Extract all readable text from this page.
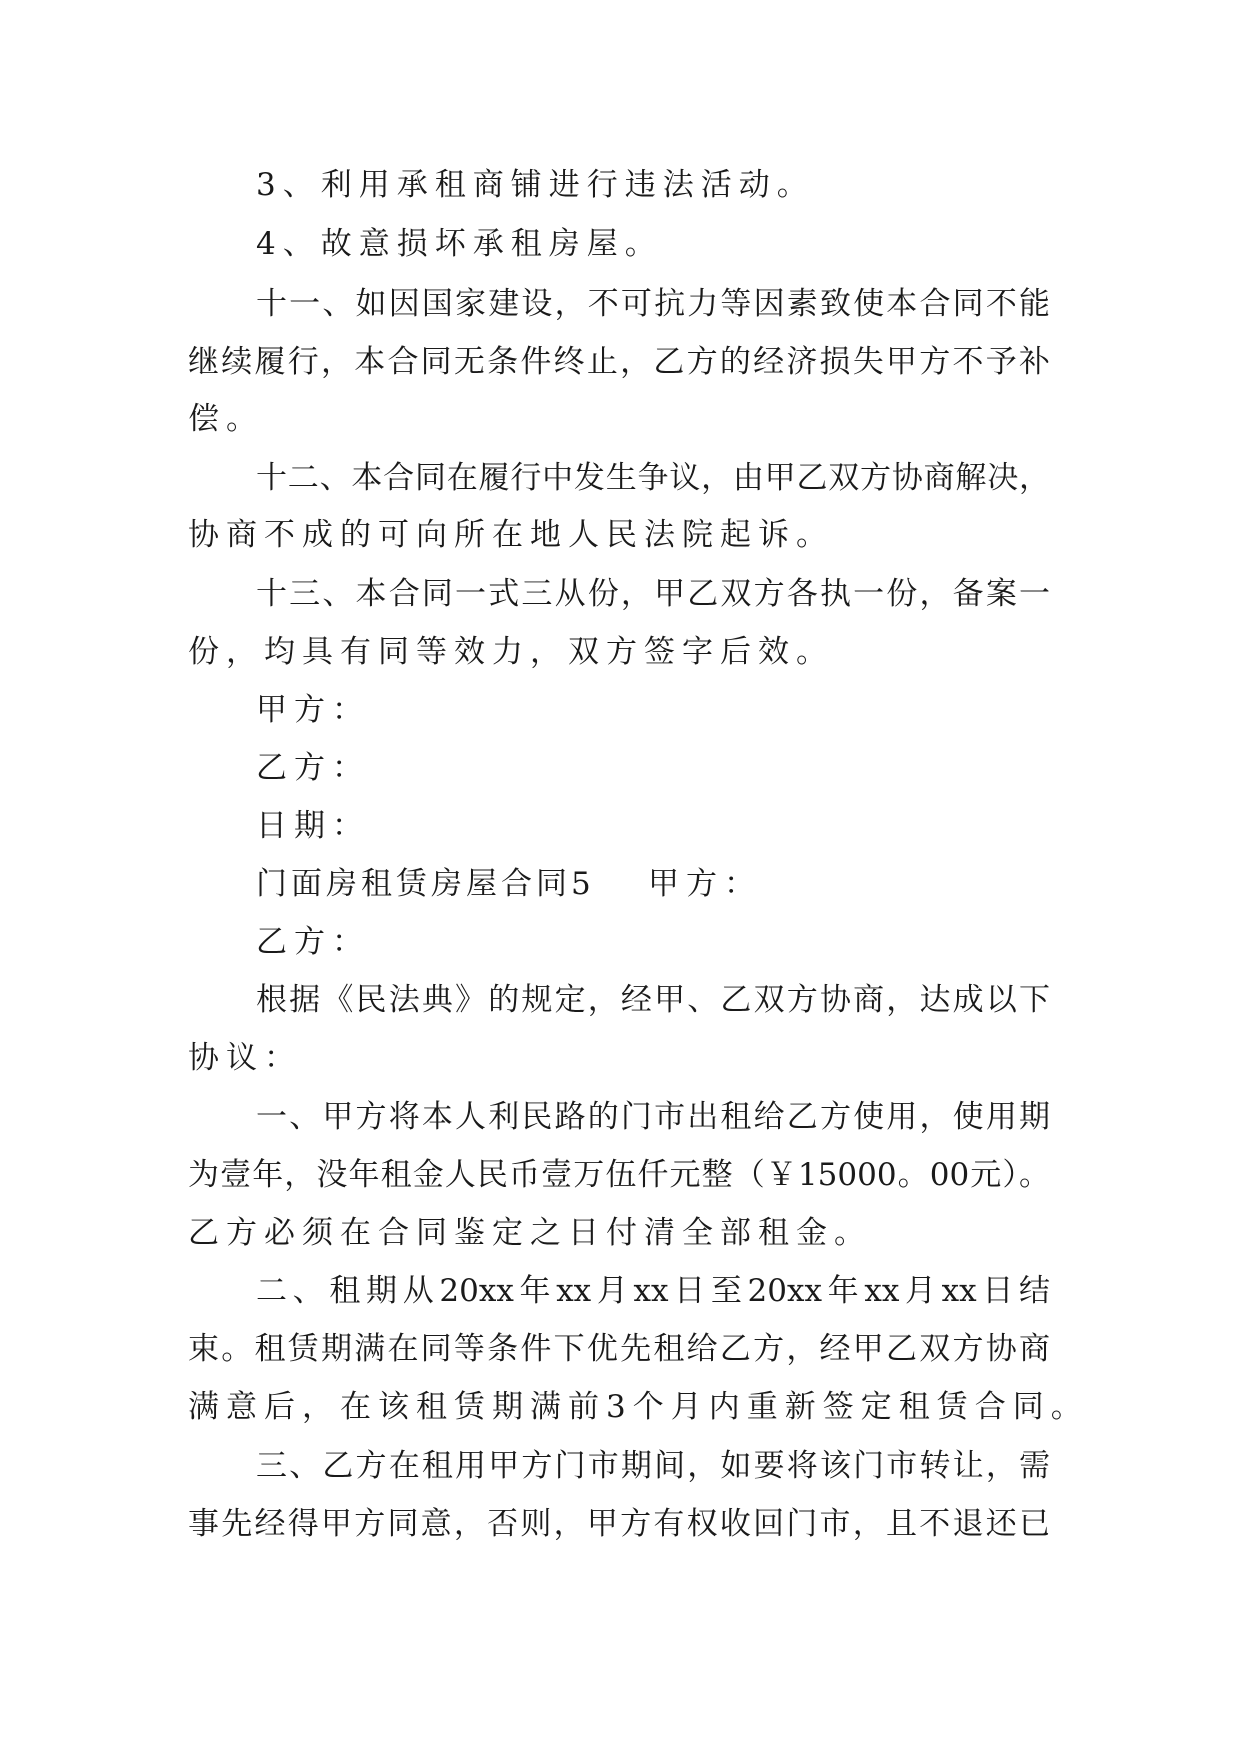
3、利用承租商铺进行违法活动。
4、故意损坏承租房屋。
十一、如因国家建设，不可抗力等因素致使本合同不能
继续履行，本合同无条件终止，乙方的经济损失甲方不予补
偿。
十二、本合同在履行中发生争议，由甲乙双方协商解决，
协商不成的可向所在地人民法院起诉。
十三、本合同一式三从份，甲乙双方各执一份，备案一
份，均具有同等效力，双方签字后效。
甲方：
乙方：
日期：
门面房租赁房屋合同5 甲方：
乙方：
根据《民法典》的规定，经甲、乙双方协商，达成以下
协议：
一、甲方将本人利民路的门市出租给乙方使用，使用期
为壹年，没年租金人民币壹万伍仟元整（￥15000。00元）。
乙方必须在合同鉴定之日付清全部租金。
二、租期从20xx年xx月xx日至20xx年xx月xx日结
束。租赁期满在同等条件下优先租给乙方，经甲乙双方协商
满意后，在该租赁期满前3个月内重新签定租赁合同。
三、乙方在租用甲方门市期间，如要将该门市转让，需
事先经得甲方同意，否则，甲方有权收回门市，且不退还已
